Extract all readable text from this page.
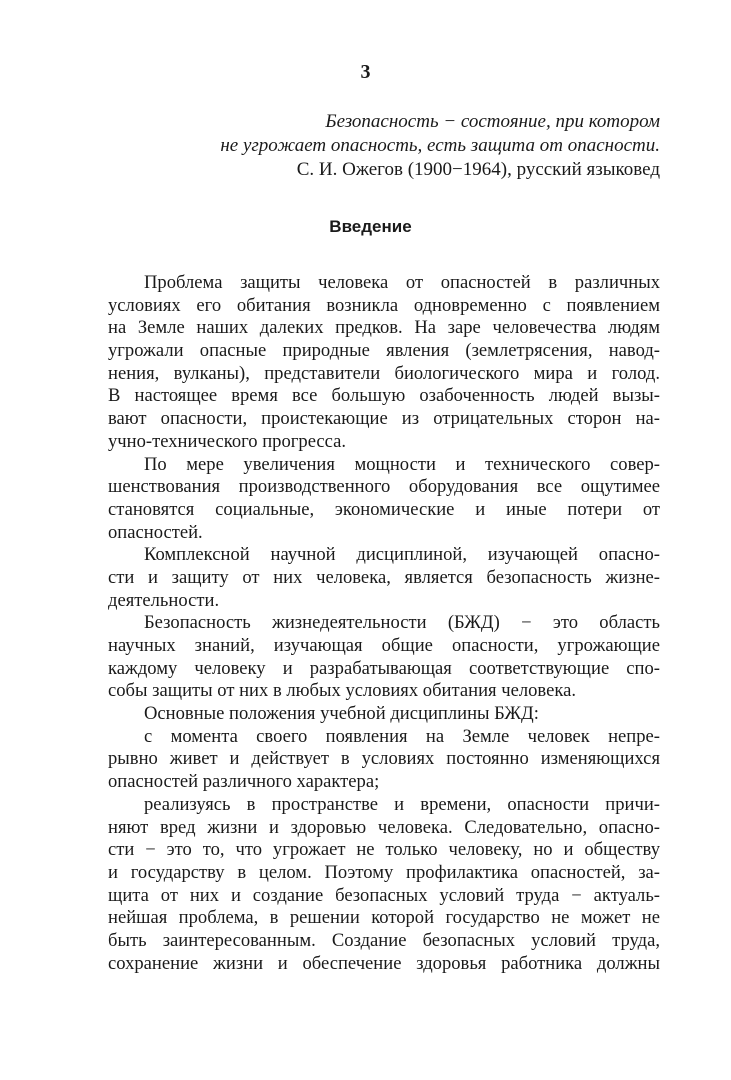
3
Безопасность − состояние, при котором
не угрожает опасность, есть защита от опасности.
С. И. Ожегов (1900−1964), русский языковед
Введение
Проблема защиты человека от опасностей в различных
условиях его обитания возникла одновременно с появлением
на Земле наших далеких предков. На заре человечества людям
угрожали опасные природные явления (землетрясения, навод-
нения, вулканы), представители биологического мира и голод.
В настоящее время все большую озабоченность людей вызы-
вают опасности, проистекающие из отрицательных сторон на-
учно-технического прогресса.
По мере увеличения мощности и технического совер-
шенствования производственного оборудования все ощутимее
становятся социальные, экономические и иные потери от
опасностей.
Комплексной научной дисциплиной, изучающей опасно-
сти и защиту от них человека, является безопасность жизне-
деятельности.
Безопасность жизнедеятельности (БЖД) − это область
научных знаний, изучающая общие опасности, угрожающие
каждому человеку и разрабатывающая соответствующие спо-
собы защиты от них в любых условиях обитания человека.
Основные положения учебной дисциплины БЖД:
с момента своего появления на Земле человек непре-
рывно живет и действует в условиях постоянно изменяющихся
опасностей различного характера;
реализуясь в пространстве и времени, опасности причи-
няют вред жизни и здоровью человека. Следовательно, опасно-
сти − это то, что угрожает не только человеку, но и обществу
и государству в целом. Поэтому профилактика опасностей, за-
щита от них и создание безопасных условий труда − актуаль-
нейшая проблема, в решении которой государство не может не
быть заинтересованным. Создание безопасных условий труда,
сохранение жизни и обеспечение здоровья работника должны
